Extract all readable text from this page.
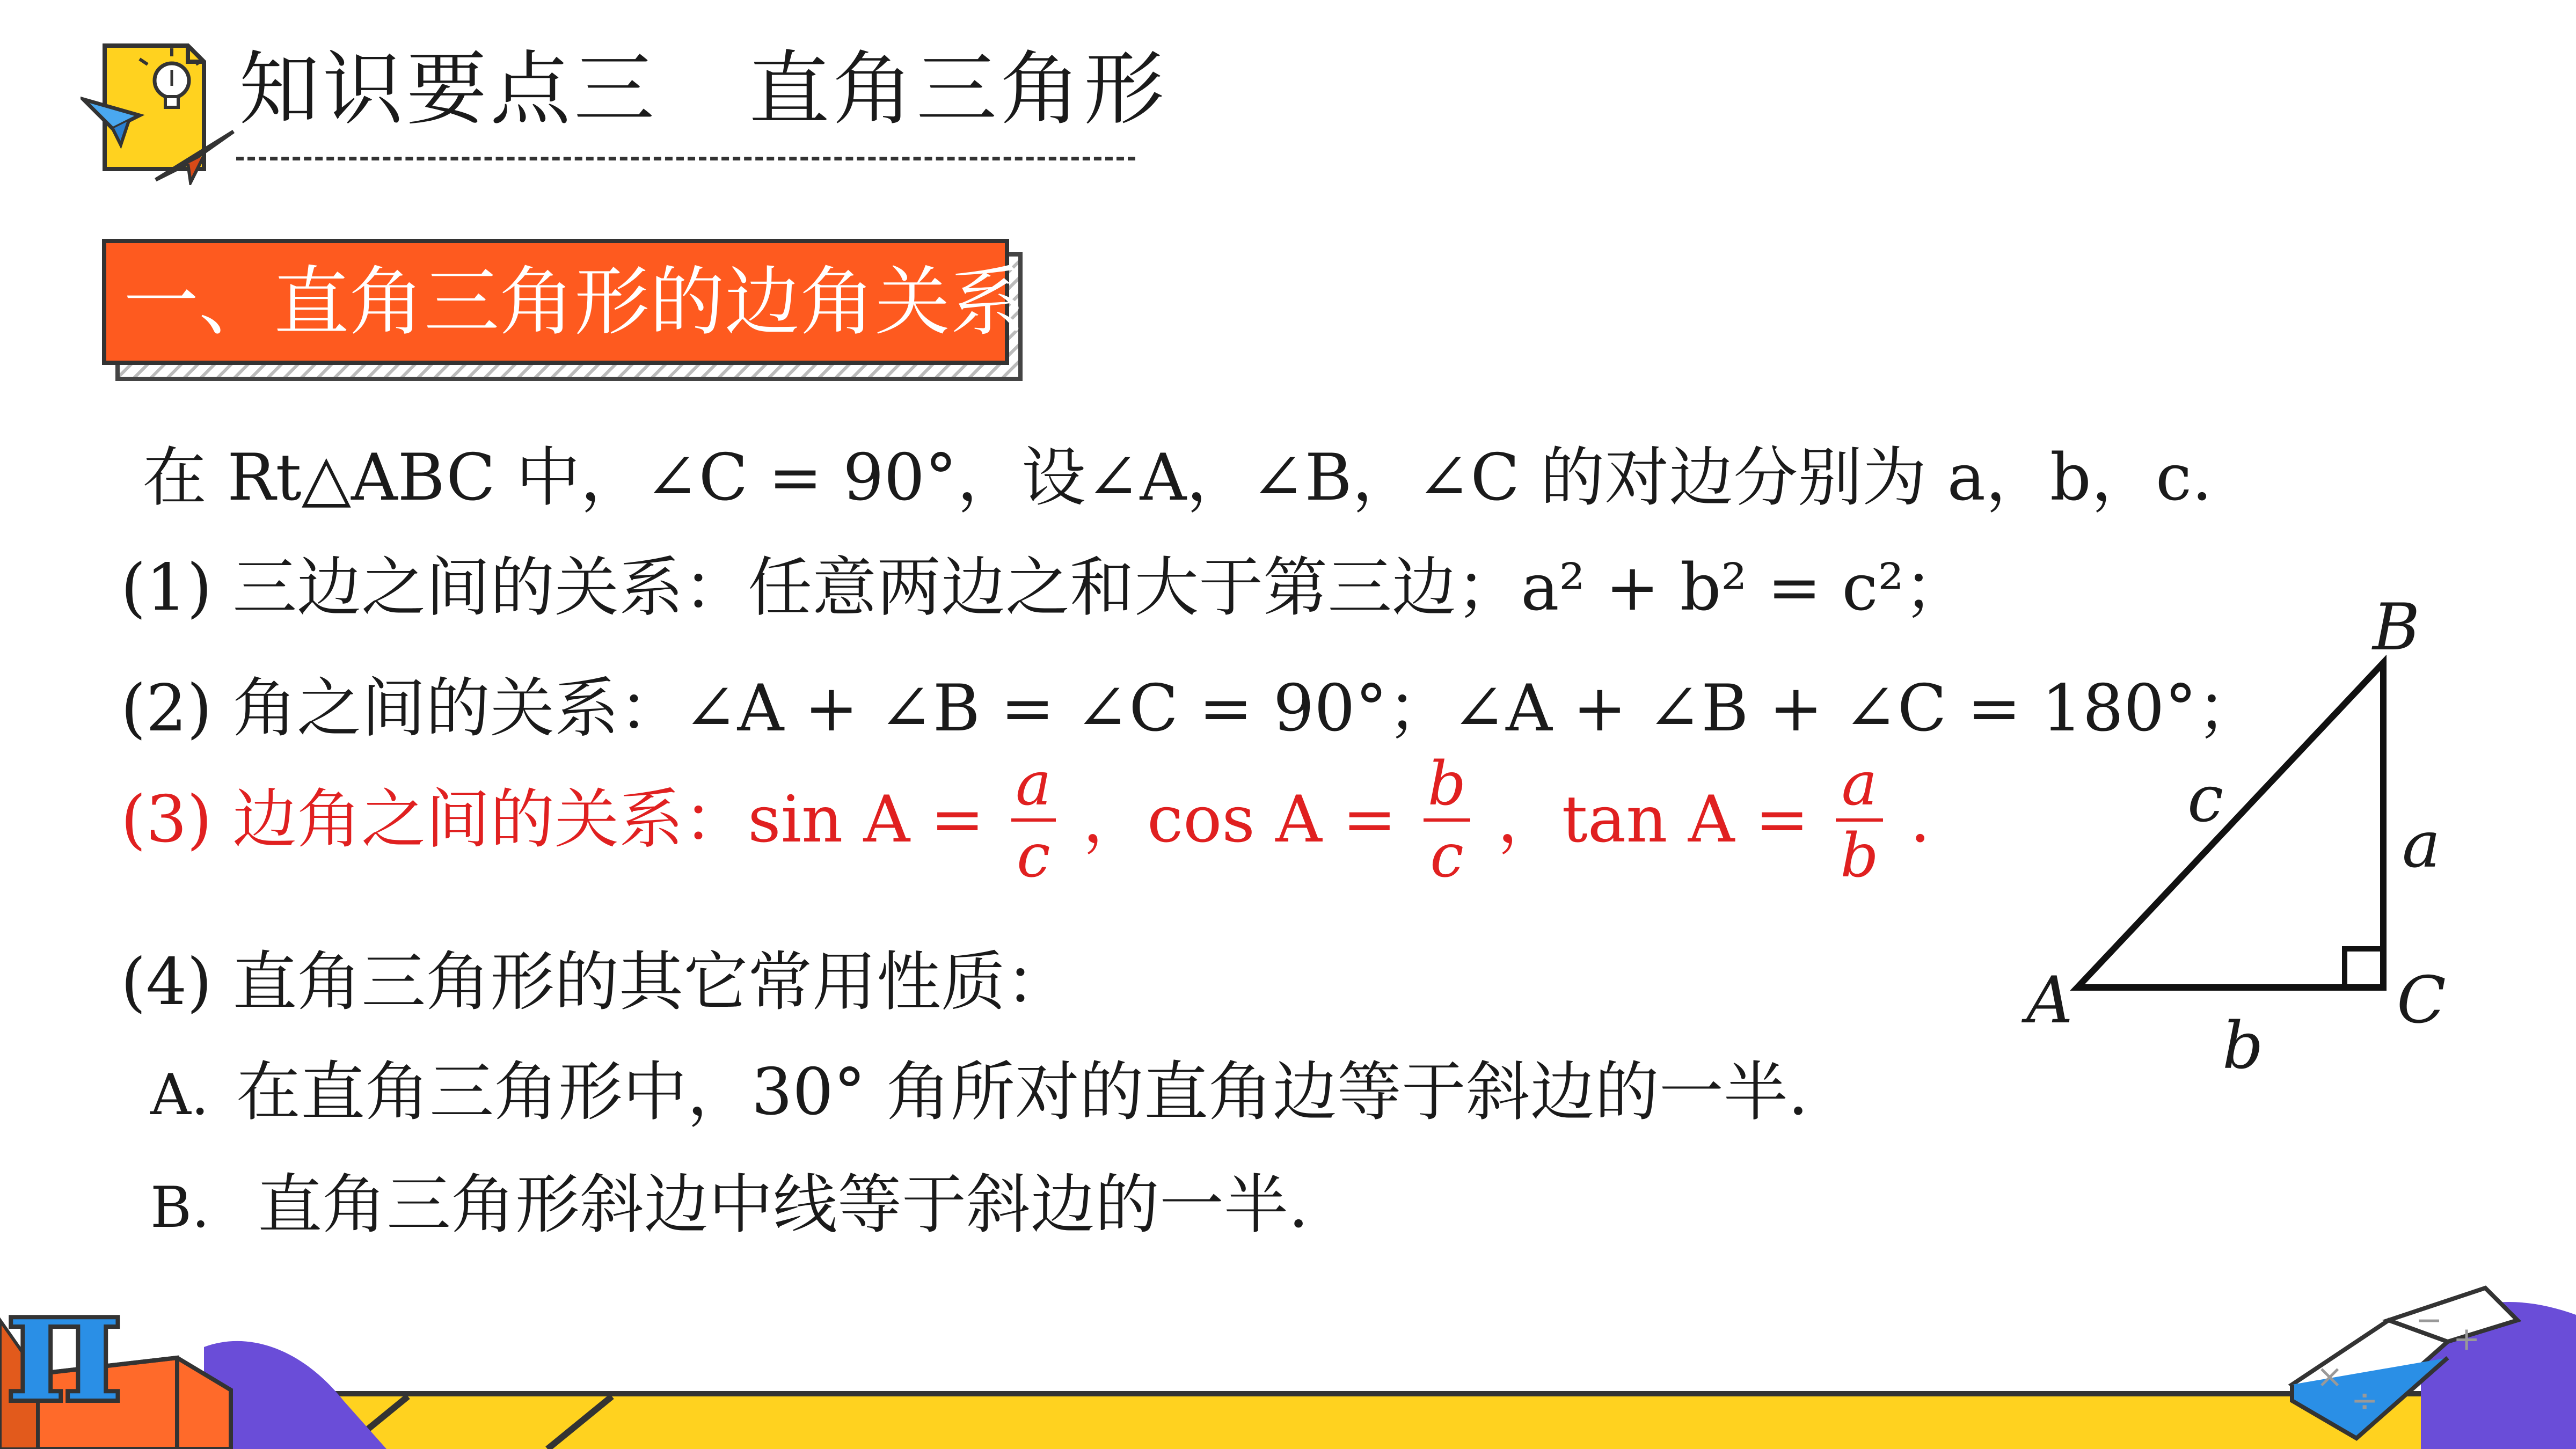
知识要点三 直角三角形
一、直角三角形的边角关系
在 Rt△ABC 中，∠C = 90°，设∠A，∠B，∠C 的对边分别为 a，b，c.
(1) 三边之间的关系：任意两边之和大于第三边；a² + b² = c²；
(2) 角之间的关系：∠A + ∠B = ∠C = 90°；∠A + ∠B + ∠C = 180°；
(3) 边角之间的关系：$\sin A = \frac{a}{c}$ ，$\cos A = \frac{b}{c}$ ，$\tan A = \frac{a}{b}$ .
(4) 直角三角形的其它常用性质：
A. 在直角三角形中，30° 角所对的直角边等于斜边的一半.
B. 直角三角形斜边中线等于斜边的一半.
B
A	C
a
b
c
π	×
÷
− +
